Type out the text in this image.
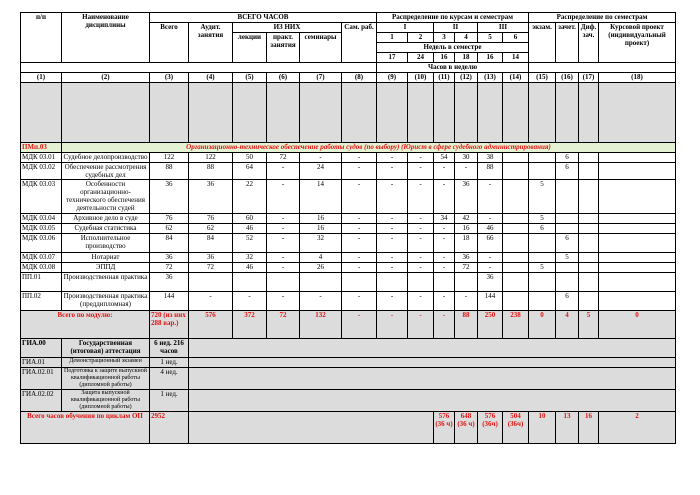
п/п	Наименование дисциплины	ВСЕГО ЧАСОВ						Распределение по курсам и семестрам						Распределение по семестрам			
		Всего	Аудит. занятия	ИЗ НИХ			Сам. раб.	I		II		III		экзам.	зачет.	Диф. зач.	Курсовой проект (индивидуальный проект)
				лекции	практ. занятия	семинары		1	2	3	4	5	6				
								Недель в семестре									
								17	24	16	18	16	14				
								Часов в неделю									
(1)	(2)	(3)	(4)	(5)	(6)	(7)	(8)	(9)	(10)	(11)	(12)	(13)	(14)	(15)	(16)	(17)	(18)

ПМп.03	Организационно-техническое обеспечение работы судов (по выбору) (Юрист в сфере судебного администрирования)																
МДК 03.01	Судебное делопроизводство	122	122	50	72	-	-	-	-	54	30	38			6		
МДК 03.02	Обеспечение рассмотрения судебных дел	88	88	64	-	24	-	-	-	-	-	88			6		
МДК 03.03	Особенности организационно-технического обеспечения деятельности судей	36	36	22	-	14	-	-	-	-	36	-		5			
МДК 03.04	Архивное дело в суде	76	76	60	-	16	-	-	-	34	42	-		5			
МДК 03.05	Судебная статистика	62	62	46	-	16	-	-	-	-	16	46		6			
МДК 03.06	Исполнительное производство	84	84	52	-	32	-	-	-	-	18	66			6		
МДК 03.07	Нотариат	36	36	32	-	4	-	-	-	-	36	-			5		
МДК 03.08	ЭППД	72	72	46	-	26	-	-	-	-	72	-		5			
ПП.01	Производственная практика	36										36					
ПП.02	Производственная практика (преддипломная)	144	-	-	-	-	-	-	-	-	-	144			6		
Всего по модулю:		720 (из них 288 вар.)	576	372	72	132	-	-	-	-	88	250	238	0	4	5	0
ГИА.00	Государственная (итоговая) аттестация	6 нед. 216 часов															
ГИА.01	Демонстрационный экзамен	1 нед.															
ГИА.02.01	Подготовка к защите выпускной квалификационной работы (дипломной работы)	4 нед.															
ГИА.02.02	Защита выпускной квалификационной работы (дипломной работы)	1 нед.															
Всего часов обучения по циклам ОП		2952								576 (36 ч)	648 (36 ч)	576 (36ч)	504 (36ч)	10	13	16	2
